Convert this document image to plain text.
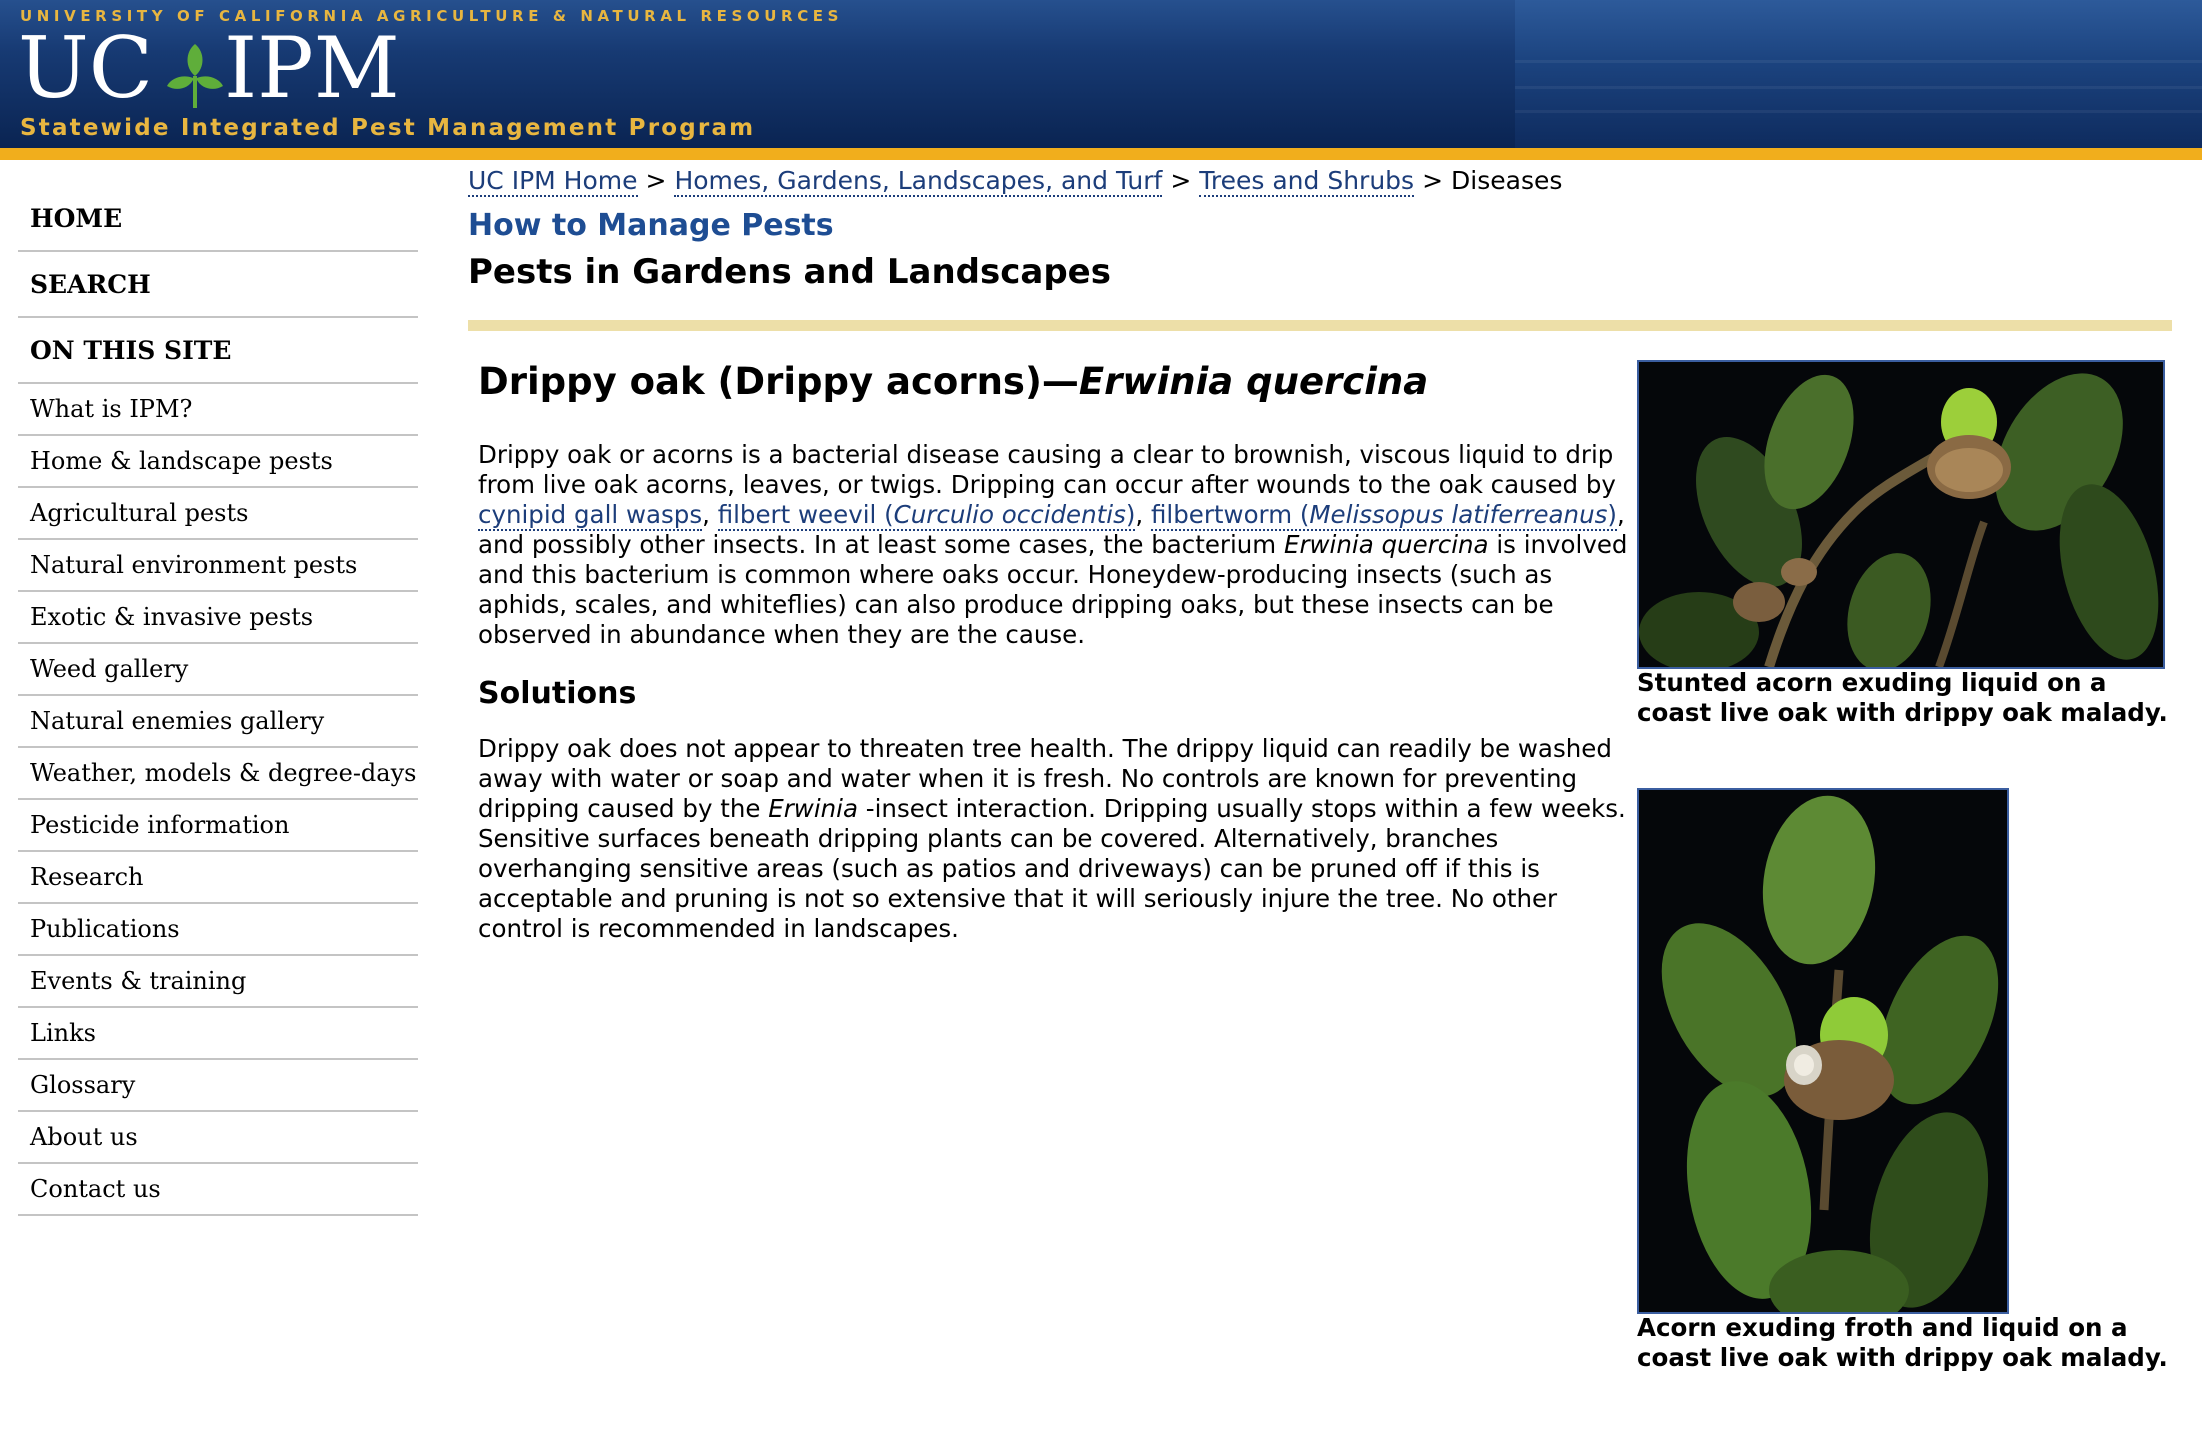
UNIVERSITY OF CALIFORNIA AGRICULTURE & NATURAL RESOURCES
UC IPM
Statewide Integrated Pest Management Program
HOME
SEARCH
ON THIS SITE
What is IPM?
Home & landscape pests
Agricultural pests
Natural environment pests
Exotic & invasive pests
Weed gallery
Natural enemies gallery
Weather, models & degree-days
Pesticide information
Research
Publications
Events & training
Links
Glossary
About us
Contact us
UC IPM Home > Homes, Gardens, Landscapes, and Turf > Trees and Shrubs > Diseases
How to Manage Pests
Pests in Gardens and Landscapes
Drippy oak (Drippy acorns)—Erwinia quercina

Drippy oak or acorns is a bacterial disease causing a clear to brownish, viscous liquid to drip from live oak acorns, leaves, or twigs. Dripping can occur after wounds to the oak caused by cynipid gall wasps, filbert weevil (Curculio occidentis), filbertworm (Melissopus latiferreanus), and possibly other insects. In at least some cases, the bacterium Erwinia quercina is involved and this bacterium is common where oaks occur. Honeydew-producing insects (such as aphids, scales, and whiteflies) can also produce dripping oaks, but these insects can be observed in abundance when they are the cause.

Solutions

Drippy oak does not appear to threaten tree health. The drippy liquid can readily be washed away with water or soap and water when it is fresh. No controls are known for preventing dripping caused by the Erwinia -insect interaction. Dripping usually stops within a few weeks. Sensitive surfaces beneath dripping plants can be covered. Alternatively, branches overhanging sensitive areas (such as patios and driveways) can be pruned off if this is acceptable and pruning is not so extensive that it will seriously injure the tree. No other control is recommended in landscapes.

Stunted acorn exuding liquid on a coast live oak with drippy oak malady.
Acorn exuding froth and liquid on a coast live oak with drippy oak malady.
